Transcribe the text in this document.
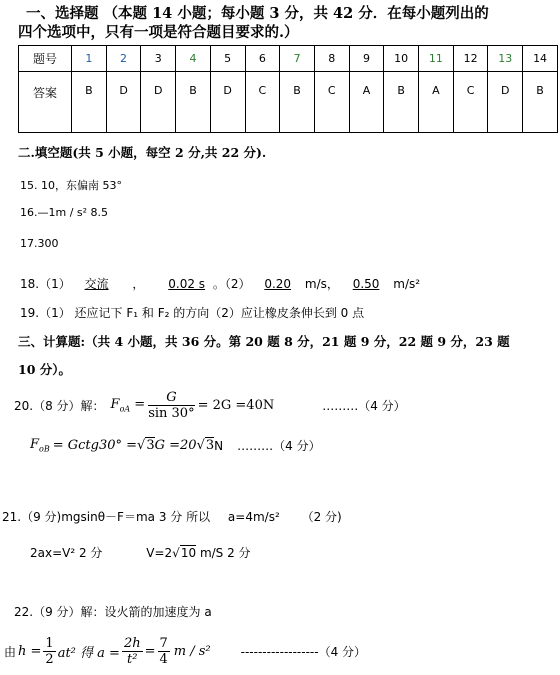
一、选择题 （本题 14 小题；每小题 3 分，共 42 分．在每小题列出的
四个选项中，只有一项是符合题目要求的.）
题号	1	2	3	4	5	6	7	8	9	10	11	12	13	14
答案	B	D	D	B	D	C	B	C	A	B	A	C	D	B
二.填空题(共 5 小题，每空 2 分,共 22 分).
15. 10，东偏南 53°
16.—1m / s² 8.5
17.300
18.（1） 交流 ， 0.02 s 。（2） 0.20 m/s， 0.50 m/s²
19.（1） 还应记下 F₁ 和 F₂ 的方向（2）应让橡皮条伸长到 0 点
三、计算题:（共 4 小题，共 36 分。第 20 题 8 分，21 题 9 分，22 题 9 分，23 题
10 分）。
20.（8 分）解： $F_{oA} = \frac{G}{\sin 30^\circ} = 2G =40N$	………（4 分）
$F_{oB}$ = Gctg30° = √3 G =20 √3 N ………（4 分）
21.（9 分)mgsinθ－F＝ma 3 分 所以 a=4m/s² （2 分)
2ax=V² 2 分	V=2√10 m/S 2 分
22.（9 分）解：设火箭的加速度为 a
由 $h = \frac{1}{2} at^2$ 得 $a = \frac{2h}{\text{t²}} = \frac{7}{4}$ m / s²	------------------（4 分）
